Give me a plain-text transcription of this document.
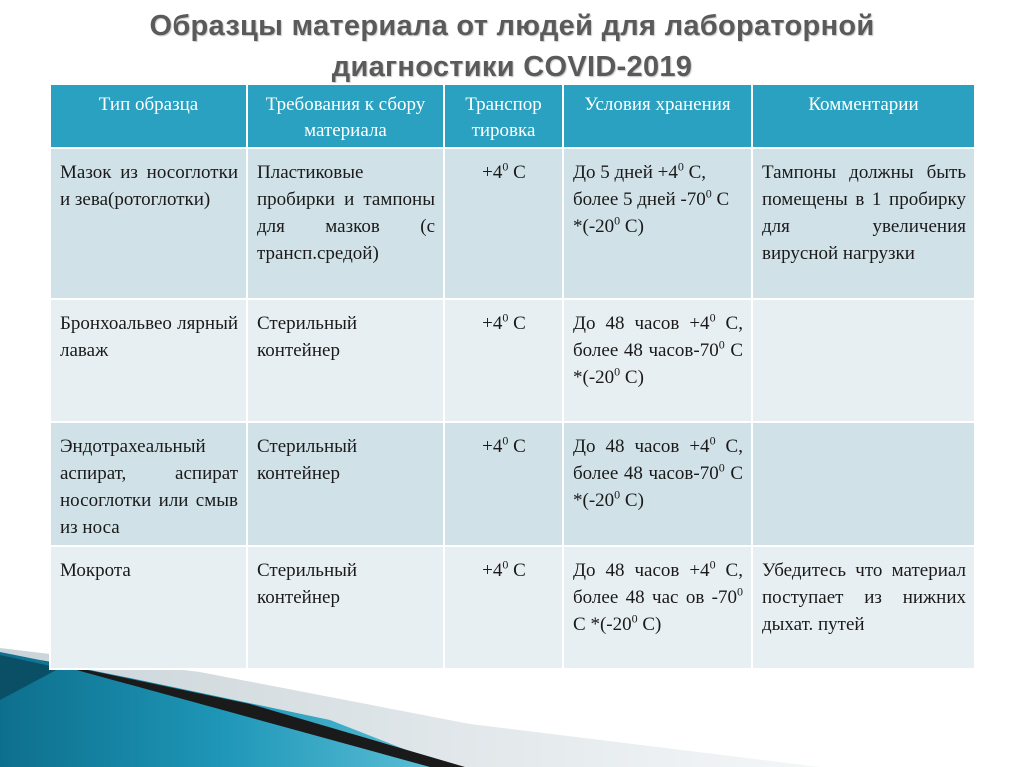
Образцы материала от людей для лабораторной
диагностики COVID-2019
Тип образца	Требования к сбору материала	Транспор тировка	Условия хранения	Комментарии
Мазок из носоглотки и зева(ротоглотки)	Пластиковые пробирки и тампоны для мазков (с трансп.средой)	$+4^0$ С	До 5 дней $+4^0$ С, более 5 дней $-70^0$ С $*(-20^0$ С)	Тампоны должны быть помещены в 1 пробирку для увеличения вирусной нагрузки
Бронхоальвео лярный лаваж	Стерильный контейнер	$+4^0$ С	До 48 часов $+4^0$ С, более 48 часов-$70^0$ С $*(-20^0$ С)	
Эндотрахеальный аспират, аспират носоглотки или смыв из носа	Стерильный контейнер	$+4^0$ С	До 48 часов $+4^0$ С, более 48 часов-$70^0$ С $*(-20^0$ С)	
Мокрота	Стерильный контейнер	$+4^0$ С	До 48 часов $+4^0$ С, более 48 час ов $-70^0$ С $*(-20^0$ С)	Убедитесь что материал поступает из нижних дыхат. путей
